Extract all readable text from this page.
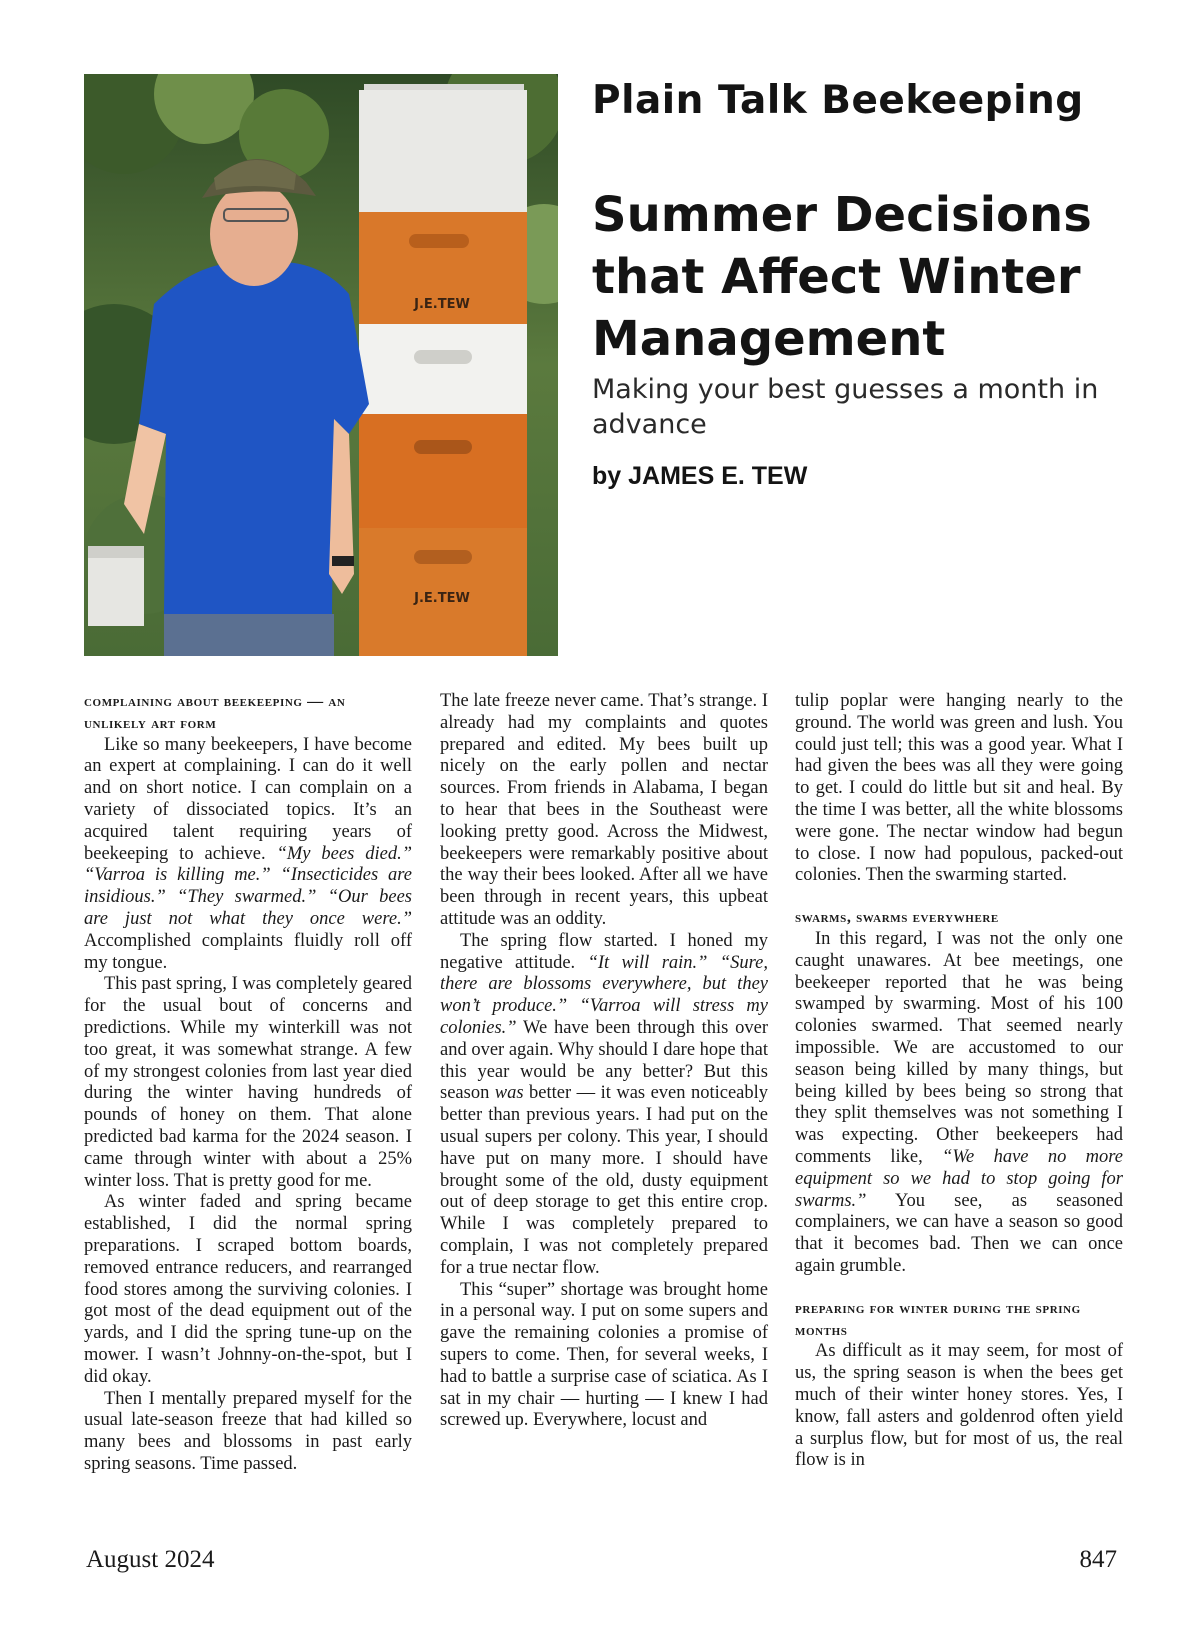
J.E.TEW
J.E.TEW
Plain Talk Beekeeping
Summer Decisions that Affect Winter Management
Making your best guesses a month in advance
by JAMES E. TEW
complaining about beekeeping — an unlikely art form

Like so many beekeepers, I have become an expert at complaining. I can do it well and on short notice. I can complain on a variety of dissociated topics. It’s an acquired talent requiring years of beekeeping to achieve. “My bees died.” “Varroa is killing me.” “Insecticides are insidious.” “They swarmed.” “Our bees are just not what they once were.” Accomplished complaints fluidly roll off my tongue.

This past spring, I was completely geared for the usual bout of concerns and predictions. While my winterkill was not too great, it was somewhat strange. A few of my strongest colonies from last year died during the winter having hundreds of pounds of honey on them. That alone predicted bad karma for the 2024 season. I came through winter with about a 25% winter loss. That is pretty good for me.

As winter faded and spring became established, I did the normal spring preparations. I scraped bottom boards, removed entrance reducers, and rearranged food stores among the surviving colonies. I got most of the dead equipment out of the yards, and I did the spring tune-up on the mower. I wasn’t Johnny-on-the-spot, but I did okay.

Then I mentally prepared myself for the usual late-season freeze that had killed so many bees and blossoms in past early spring seasons. Time passed.

The late freeze never came. That’s strange. I already had my complaints and quotes prepared and edited. My bees built up nicely on the early pollen and nectar sources. From friends in Alabama, I began to hear that bees in the Southeast were looking pretty good. Across the Midwest, beekeepers were remarkably positive about the way their bees looked. After all we have been through in recent years, this upbeat attitude was an oddity.

The spring flow started. I honed my negative attitude. “It will rain.” “Sure, there are blossoms everywhere, but they won’t produce.” “Varroa will stress my colonies.” We have been through this over and over again. Why should I dare hope that this year would be any better? But this season was better — it was even noticeably better than previous years. I had put on the usual supers per colony. This year, I should have put on many more. I should have brought some of the old, dusty equipment out of deep storage to get this entire crop. While I was completely prepared to complain, I was not completely prepared for a true nectar flow.

This “super” shortage was brought home in a personal way. I put on some supers and gave the remaining colonies a promise of supers to come. Then, for several weeks, I had to battle a surprise case of sciatica. As I sat in my chair — hurting — I knew I had screwed up. Everywhere, locust and

tulip poplar were hanging nearly to the ground. The world was green and lush. You could just tell; this was a good year. What I had given the bees was all they were going to get. I could do little but sit and heal. By the time I was better, all the white blossoms were gone. The nectar window had begun to close. I now had populous, packed-out colonies. Then the swarming started.

swarms, swarms everywhere

In this regard, I was not the only one caught unawares. At bee meetings, one beekeeper reported that he was being swamped by swarming. Most of his 100 colonies swarmed. That seemed nearly impossible. We are accustomed to our season being killed by many things, but being killed by bees being so strong that they split themselves was not something I was expecting. Other beekeepers had comments like, “We have no more equipment so we had to stop going for swarms.” You see, as seasoned complainers, we can have a season so good that it becomes bad. Then we can once again grumble.

preparing for winter during the spring months

As difficult as it may seem, for most of us, the spring season is when the bees get much of their winter honey stores. Yes, I know, fall asters and goldenrod often yield a surplus flow, but for most of us, the real flow is in

August 2024	847
